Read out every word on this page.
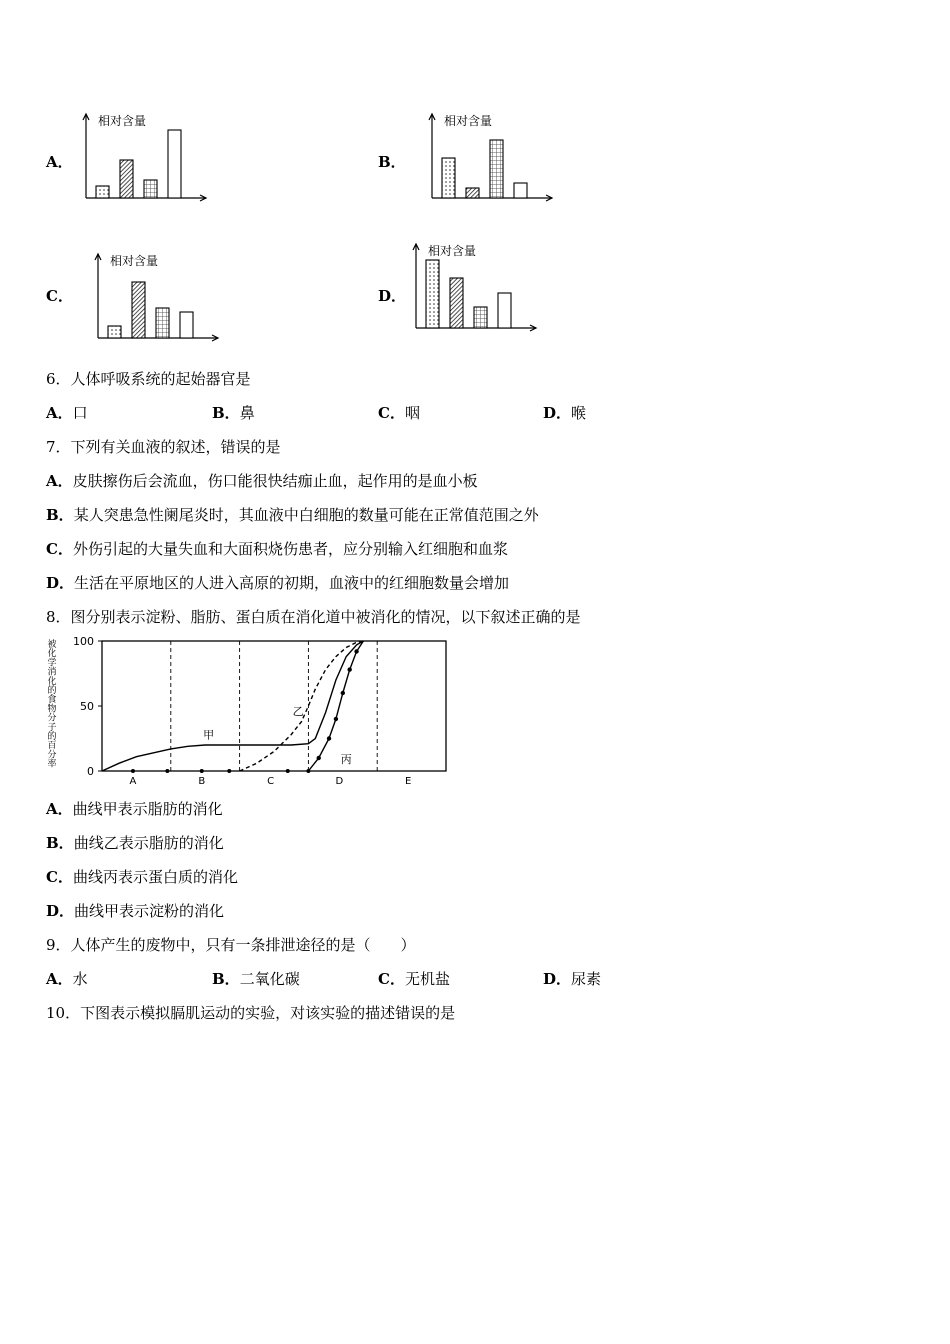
A．
相对含量
B．
相对含量
C．
相对含量
D．
相对含量
6．人体呼吸系统的起始器官是
A．口	B．鼻	C．咽	D．喉
7．下列有关血液的叙述，错误的是
A．皮肤擦伤后会流血，伤口能很快结痂止血，起作用的是血小板
B．某人突患急性阑尾炎时，其血液中白细胞的数量可能在正常值范围之外
C．外伤引起的大量失血和大面积烧伤患者，应分别输入红细胞和血浆
D．生活在平原地区的人进入高原的初期，血液中的红细胞数量会增加
8．图分别表示淀粉、脂肪、蛋白质在消化道中被消化的情况，以下叙述正确的是
100
50
0
被
化
学
消
化
的
食
物
分
子
的
百
分
率
A	B	C	D	E
甲
乙
丙
A．曲线甲表示脂肪的消化
B．曲线乙表示脂肪的消化
C．曲线丙表示蛋白质的消化
D．曲线甲表示淀粉的消化
9．人体产生的废物中，只有一条排泄途径的是（　　）
A．水	B．二氧化碳	C．无机盐	D．尿素
10．下图表示模拟膈肌运动的实验，对该实验的描述错误的是
